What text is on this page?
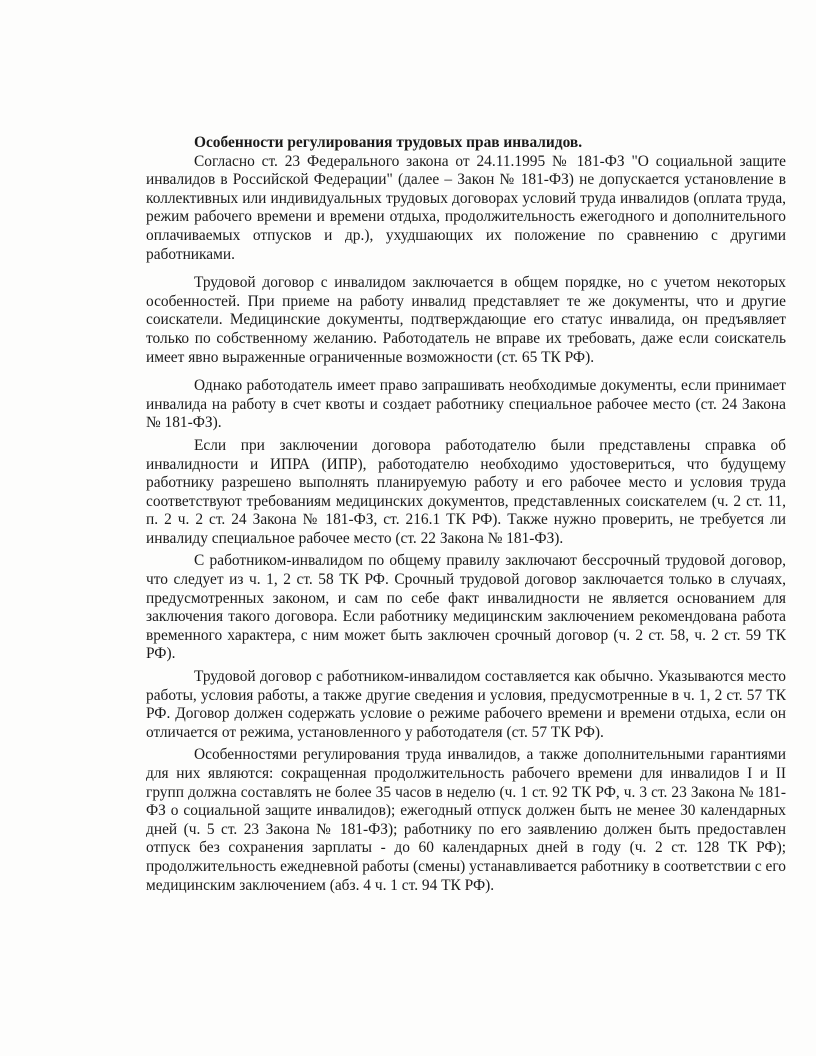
Особенности регулирования трудовых прав инвалидов.

Согласно ст. 23 Федерального закона от 24.11.1995 № 181-ФЗ "О социальной защите инвалидов в Российской Федерации" (далее – Закон № 181-ФЗ) не допускается установление в коллективных или индивидуальных трудовых договорах условий труда инвалидов (оплата труда, режим рабочего времени и времени отдыха, продолжительность ежегодного и дополнительного оплачиваемых отпусков и др.), ухудшающих их положение по сравнению с другими работниками.

Трудовой договор с инвалидом заключается в общем порядке, но с учетом некоторых особенностей. При приеме на работу инвалид представляет те же документы, что и другие соискатели. Медицинские документы, подтверждающие его статус инвалида, он предъявляет только по собственному желанию. Работодатель не вправе их требовать, даже если соискатель имеет явно выраженные ограниченные возможности (ст. 65 ТК РФ).

Однако работодатель имеет право запрашивать необходимые документы, если принимает инвалида на работу в счет квоты и создает работнику специальное рабочее место (ст. 24 Закона № 181-ФЗ).

Если при заключении договора работодателю были представлены справка об инвалидности и ИПРА (ИПР), работодателю необходимо удостовериться, что будущему работнику разрешено выполнять планируемую работу и его рабочее место и условия труда соответствуют требованиям медицинских документов, представленных соискателем (ч. 2 ст. 11, п. 2 ч. 2 ст. 24 Закона № 181-ФЗ, ст. 216.1 ТК РФ). Также нужно проверить, не требуется ли инвалиду специальное рабочее место (ст. 22 Закона № 181-ФЗ).

С работником-инвалидом по общему правилу заключают бессрочный трудовой договор, что следует из ч. 1, 2 ст. 58 ТК РФ. Срочный трудовой договор заключается только в случаях, предусмотренных законом, и сам по себе факт инвалидности не является основанием для заключения такого договора. Если работнику медицинским заключением рекомендована работа временного характера, с ним может быть заключен срочный договор (ч. 2 ст. 58, ч. 2 ст. 59 ТК РФ).

Трудовой договор с работником-инвалидом составляется как обычно. Указываются место работы, условия работы, а также другие сведения и условия, предусмотренные в ч. 1, 2 ст. 57 ТК РФ. Договор должен содержать условие о режиме рабочего времени и времени отдыха, если он отличается от режима, установленного у работодателя (ст. 57 ТК РФ).

Особенностями регулирования труда инвалидов, а также дополнительными гарантиями для них являются: сокращенная продолжительность рабочего времени для инвалидов I и II групп должна составлять не более 35 часов в неделю (ч. 1 ст. 92 ТК РФ, ч. 3 ст. 23 Закона № 181-ФЗ о социальной защите инвалидов); ежегодный отпуск должен быть не менее 30 календарных дней (ч. 5 ст. 23 Закона № 181-ФЗ); работнику по его заявлению должен быть предоставлен отпуск без сохранения зарплаты - до 60 календарных дней в году (ч. 2 ст. 128 ТК РФ); продолжительность ежедневной работы (смены) устанавливается работнику в соответствии с его медицинским заключением (абз. 4 ч. 1 ст. 94 ТК РФ).
